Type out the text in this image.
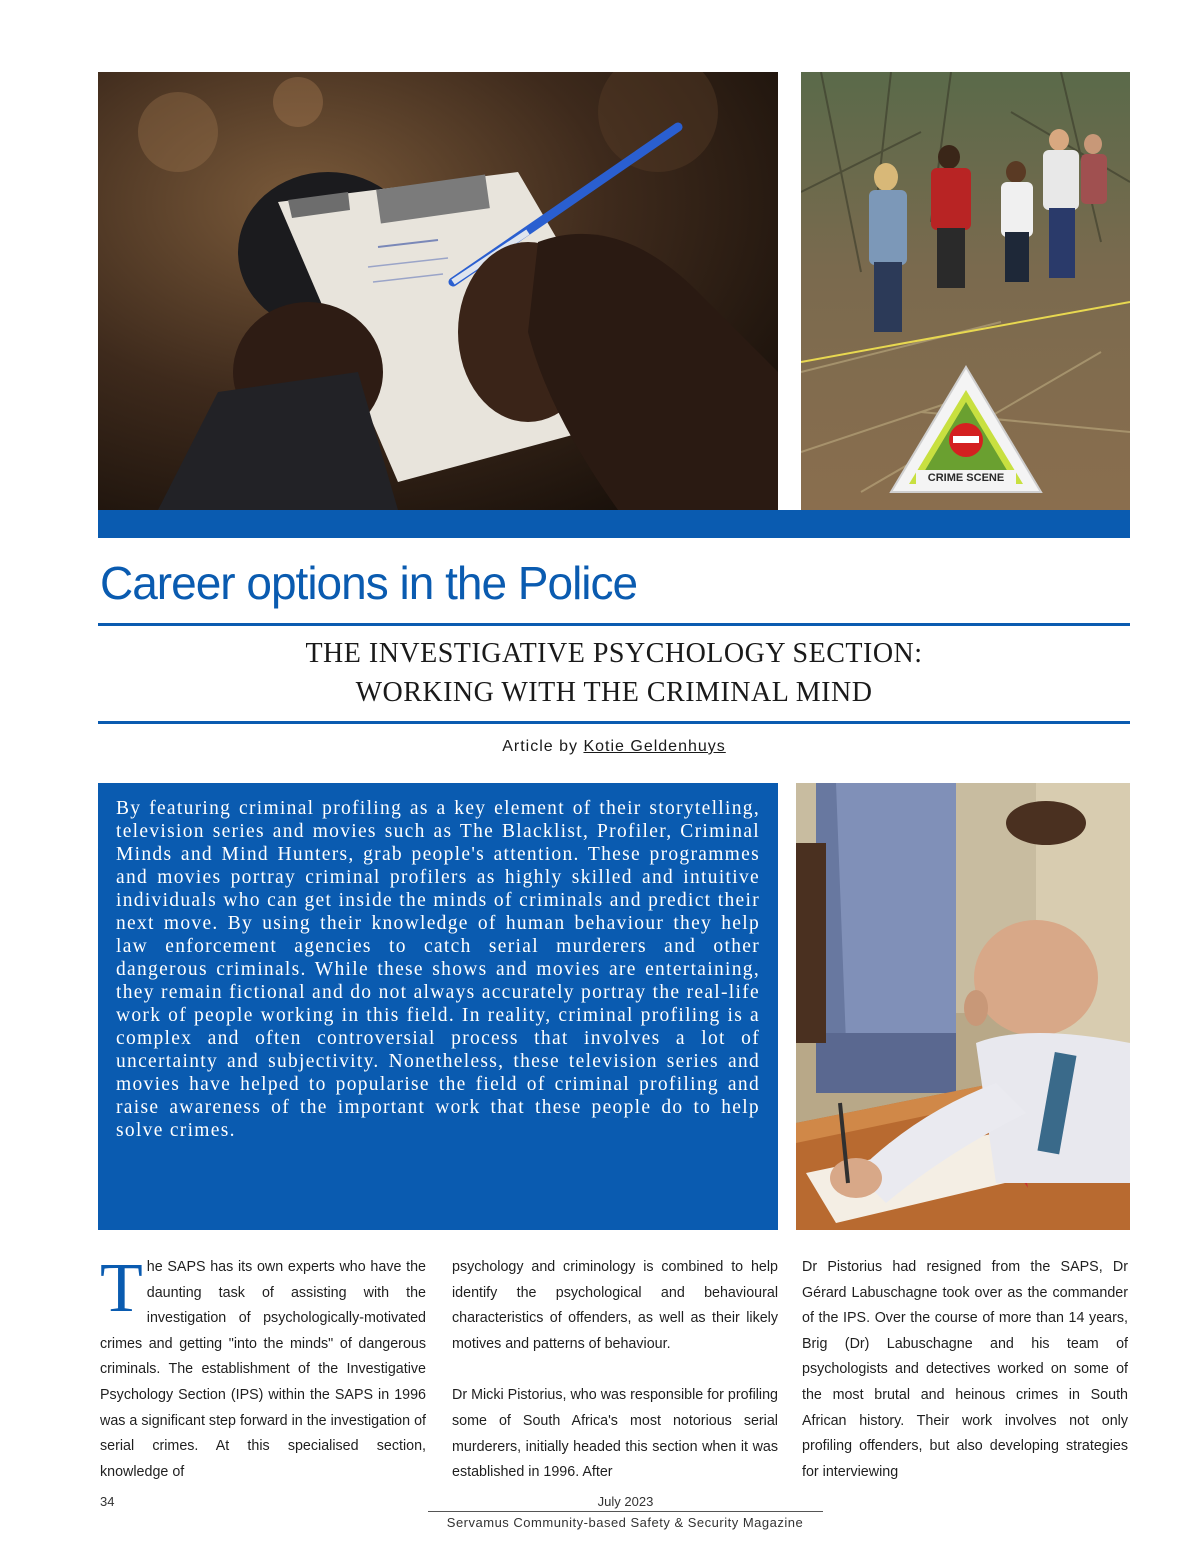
CRIME SCENE
Career options in the Police
THE INVESTIGATIVE PSYCHOLOGY SECTION:
WORKING WITH THE CRIMINAL MIND
Article by Kotie Geldenhuys
By featuring criminal profiling as a key element of their storytelling, television series and movies such as The Blacklist, Profiler, Criminal Minds and Mind Hunters, grab people's attention. These programmes and movies portray criminal profilers as highly skilled and intuitive individuals who can get inside the minds of criminals and predict their next move. By using their knowledge of human behaviour they help law enforcement agencies to catch serial murderers and other dangerous criminals. While these shows and movies are entertaining, they remain fictional and do not always accurately portray the real-life work of people working in this field. In reality, criminal profiling is a complex and often controversial process that involves a lot of uncertainty and subjectivity. Nonetheless, these television series and movies have helped to popularise the field of criminal profiling and raise awareness of the important work that these people do to help solve crimes.
The SAPS has its own experts who have the daunting task of assisting with the investigation of psychologically-motivated crimes and getting "into the minds" of dangerous criminals. The establishment of the Investigative Psychology Section (IPS) within the SAPS in 1996 was a significant step forward in the investigation of serial crimes. At this specialised section, knowledge of

psychology and criminology is combined to help identify the psychological and behavioural characteristics of offenders, as well as their likely motives and patterns of behaviour.

Dr Micki Pistorius, who was responsible for profiling some of South Africa's most notorious serial murderers, initially headed this section when it was established in 1996. After

Dr Pistorius had resigned from the SAPS, Dr Gérard Labuschagne took over as the commander of the IPS. Over the course of more than 14 years, Brig (Dr) Labuschagne and his team of psychologists and detectives worked on some of the most brutal and heinous crimes in South African history. Their work involves not only profiling offenders, but also developing strategies for interviewing
34	July 2023
Servamus Community-based Safety & Security Magazine
